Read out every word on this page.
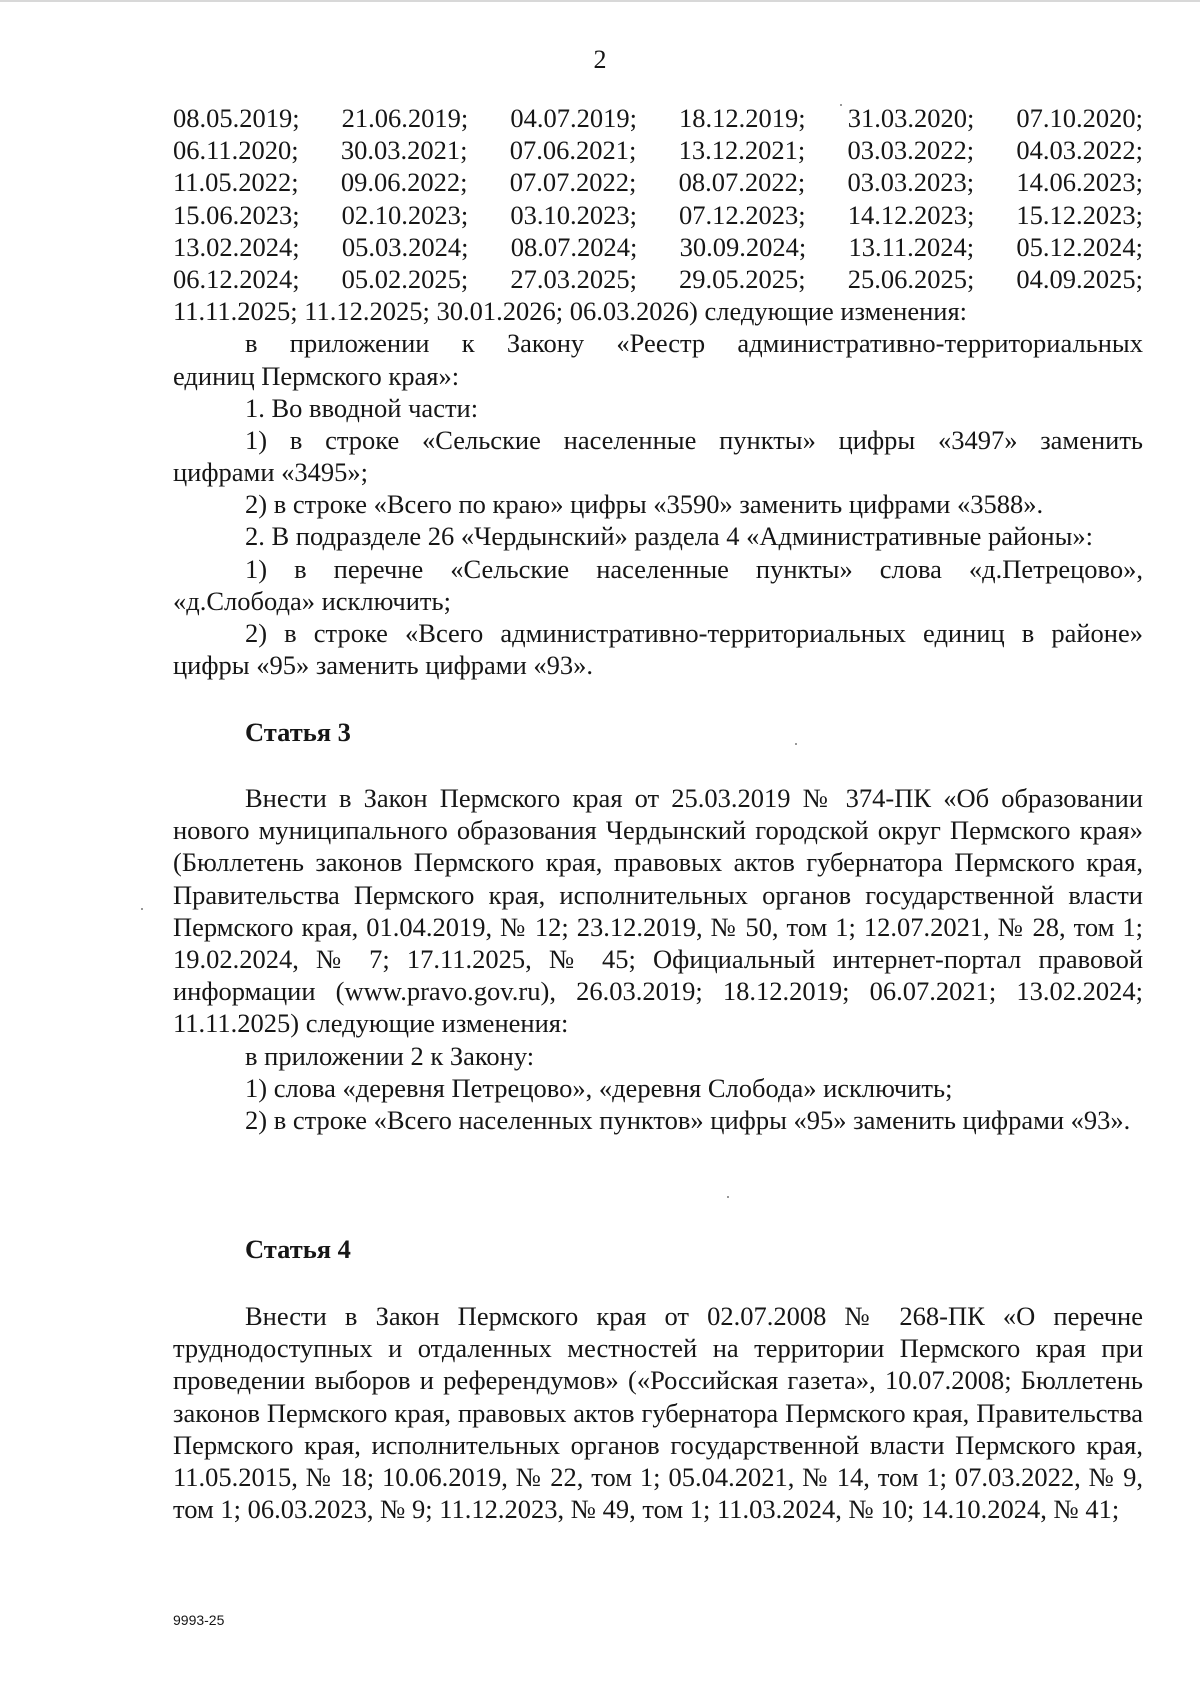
2
08.05.2019; 21.06.2019; 04.07.2019; 18.12.2019; 31.03.2020; 07.10.2020;
06.11.2020; 30.03.2021; 07.06.2021; 13.12.2021; 03.03.2022; 04.03.2022;
11.05.2022; 09.06.2022; 07.07.2022; 08.07.2022; 03.03.2023; 14.06.2023;
15.06.2023; 02.10.2023; 03.10.2023; 07.12.2023; 14.12.2023; 15.12.2023;
13.02.2024; 05.03.2024; 08.07.2024; 30.09.2024; 13.11.2024; 05.12.2024;
06.12.2024; 05.02.2025; 27.03.2025; 29.05.2025; 25.06.2025; 04.09.2025;
11.11.2025; 11.12.2025; 30.01.2026; 06.03.2026) следующие изменения:
в приложении к Закону «Реестр административно-территориальных
единиц Пермского края»:
1. Во вводной части:
1) в строке «Сельские населенные пункты» цифры «3497» заменить
цифрами «3495»;
2) в строке «Всего по краю» цифры «3590» заменить цифрами «3588».
2. В подразделе 26 «Чердынский» раздела 4 «Административные районы»:
1) в перечне «Сельские населенные пункты» слова «д.Петрецово»,
«д.Слобода» исключить;
2) в строке «Всего административно-территориальных единиц в районе»
цифры «95» заменить цифрами «93».
Статья 3
Внести в Закон Пермского края от 25.03.2019 № 374-ПК «Об образовании нового муниципального образования Чердынский городской округ Пермского края» (Бюллетень законов Пермского края, правовых актов губернатора Пермского края, Правительства Пермского края, исполнительных органов государственной власти Пермского края, 01.04.2019, № 12; 23.12.2019, № 50, том 1; 12.07.2021, № 28, том 1; 19.02.2024, № 7; 17.11.2025, № 45; Официальный интернет-портал правовой информации (www.pravo.gov.ru), 26.03.2019; 18.12.2019; 06.07.2021; 13.02.2024; 11.11.2025) следующие изменения:
в приложении 2 к Закону:
1) слова «деревня Петрецово», «деревня Слобода» исключить;
2) в строке «Всего населенных пунктов» цифры «95» заменить цифрами «93».
Статья 4
Внести в Закон Пермского края от 02.07.2008 № 268-ПК «О перечне труднодоступных и отдаленных местностей на территории Пермского края при проведении выборов и референдумов» («Российская газета», 10.07.2008; Бюллетень законов Пермского края, правовых актов губернатора Пермского края, Правительства Пермского края, исполнительных органов государственной власти Пермского края, 11.05.2015, № 18; 10.06.2019, № 22, том 1; 05.04.2021, № 14, том 1; 07.03.2022, № 9, том 1; 06.03.2023, № 9; 11.12.2023, № 49, том 1; 11.03.2024, № 10; 14.10.2024, № 41;
9993-25
